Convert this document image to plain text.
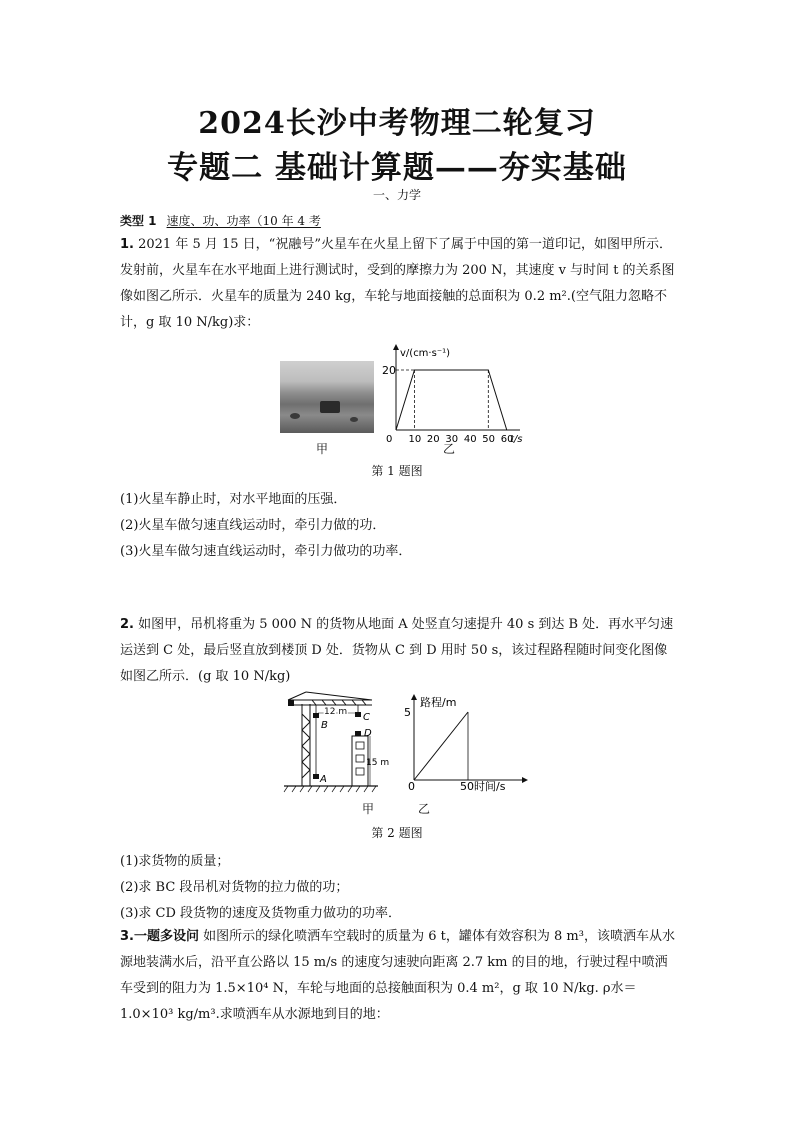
2024长沙中考物理二轮复习
专题二 基础计算题——夯实基础
一、力学
类型 1 速度、功、功率（10 年 4 考

1. 2021 年 5 月 15 日，“祝融号”火星车在火星上留下了属于中国的第一道印记，如图甲所示．发射前，火星车在水平地面上进行测试时，受到的摩擦力为 200 N，其速度 v 与时间 t 的关系图像如图乙所示．火星车的质量为 240 kg，车轮与地面接触的总面积为 0.2 m².(空气阻力忽略不计，g 取 10 N/kg)求：

20
v/(cm·s⁻¹)
0 10 20 30 40 50 60
t/s
甲	乙
第 1 题图
(1)火星车静止时，对水平地面的压强．
(2)火星车做匀速直线运动时，牵引力做的功．
(3)火星车做匀速直线运动时，牵引力做功的功率．

2. 如图甲，吊机将重为 5 000 N 的货物从地面 A 处竖直匀速提升 40 s 到达 B 处．再水平匀速运送到 C 处，最后竖直放到楼顶 D 处．货物从 C 到 D 用时 50 s，该过程路程随时间变化图像如图乙所示．(g 取 10 N/kg)

B
A
12 m C
D
15 m
路程/m
5
0	50 时间/s
甲	乙
第 2 题图
(1)求货物的质量；
(2)求 BC 段吊机对货物的拉力做的功；
(3)求 CD 段货物的速度及货物重力做功的功率．

3.一题多设问 如图所示的绿化喷洒车空载时的质量为 6 t，罐体有效容积为 8 m³，该喷洒车从水源地装满水后，沿平直公路以 15 m/s 的速度匀速驶向距离 2.7 km 的目的地，行驶过程中喷洒车受到的阻力为 1.5×10⁴ N，车轮与地面的总接触面积为 0.4 m²，g 取 10 N/kg. ρ水＝1.0×10³ kg/m³.求喷洒车从水源地到目的地：
